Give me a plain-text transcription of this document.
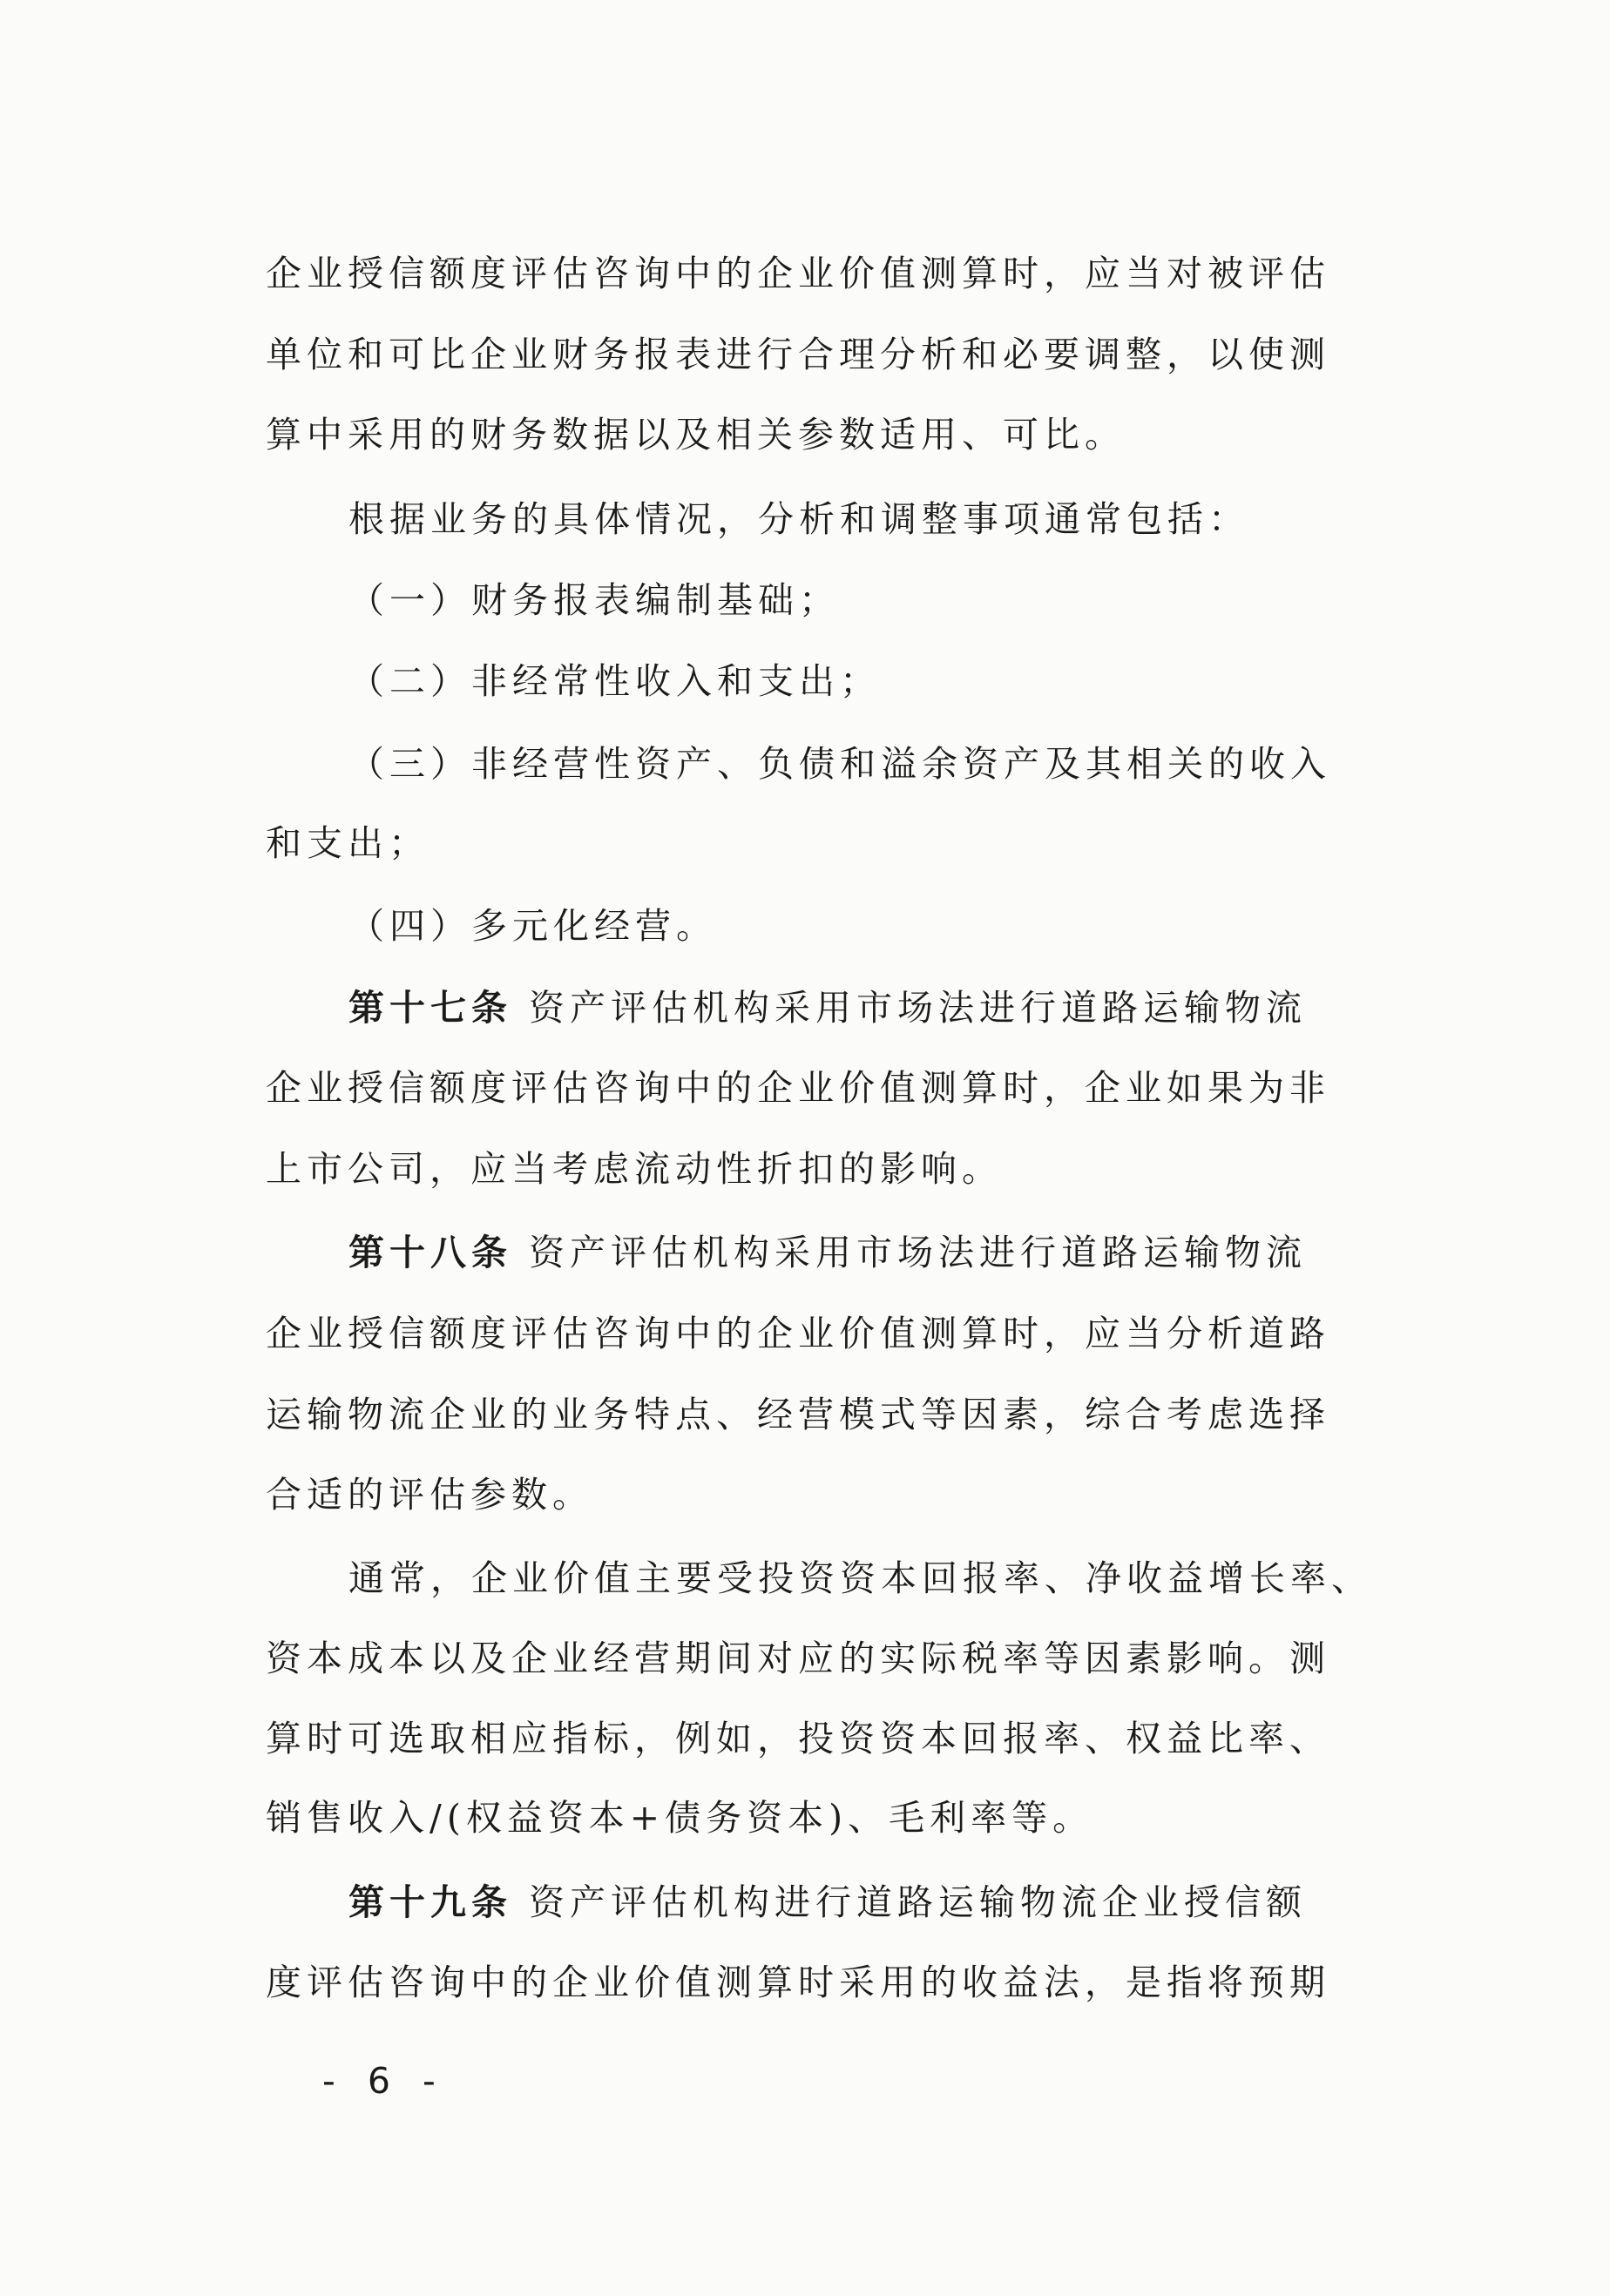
企业授信额度评估咨询中的企业价值测算时，应当对被评估
单位和可比企业财务报表进行合理分析和必要调整，以使测
算中采用的财务数据以及相关参数适用、可比。
根据业务的具体情况，分析和调整事项通常包括：
（一）财务报表编制基础；
（二）非经常性收入和支出；
（三）非经营性资产、负债和溢余资产及其相关的收入
和支出；
（四）多元化经营。
第十七条 资产评估机构采用市场法进行道路运输物流
企业授信额度评估咨询中的企业价值测算时，企业如果为非
上市公司，应当考虑流动性折扣的影响。
第十八条 资产评估机构采用市场法进行道路运输物流
企业授信额度评估咨询中的企业价值测算时，应当分析道路
运输物流企业的业务特点、经营模式等因素，综合考虑选择
合适的评估参数。
通常，企业价值主要受投资资本回报率、净收益增长率、
资本成本以及企业经营期间对应的实际税率等因素影响。测
算时可选取相应指标，例如，投资资本回报率、权益比率、
销售收入/(权益资本+债务资本)、毛利率等。
第十九条 资产评估机构进行道路运输物流企业授信额
度评估咨询中的企业价值测算时采用的收益法，是指将预期
- 6 -
